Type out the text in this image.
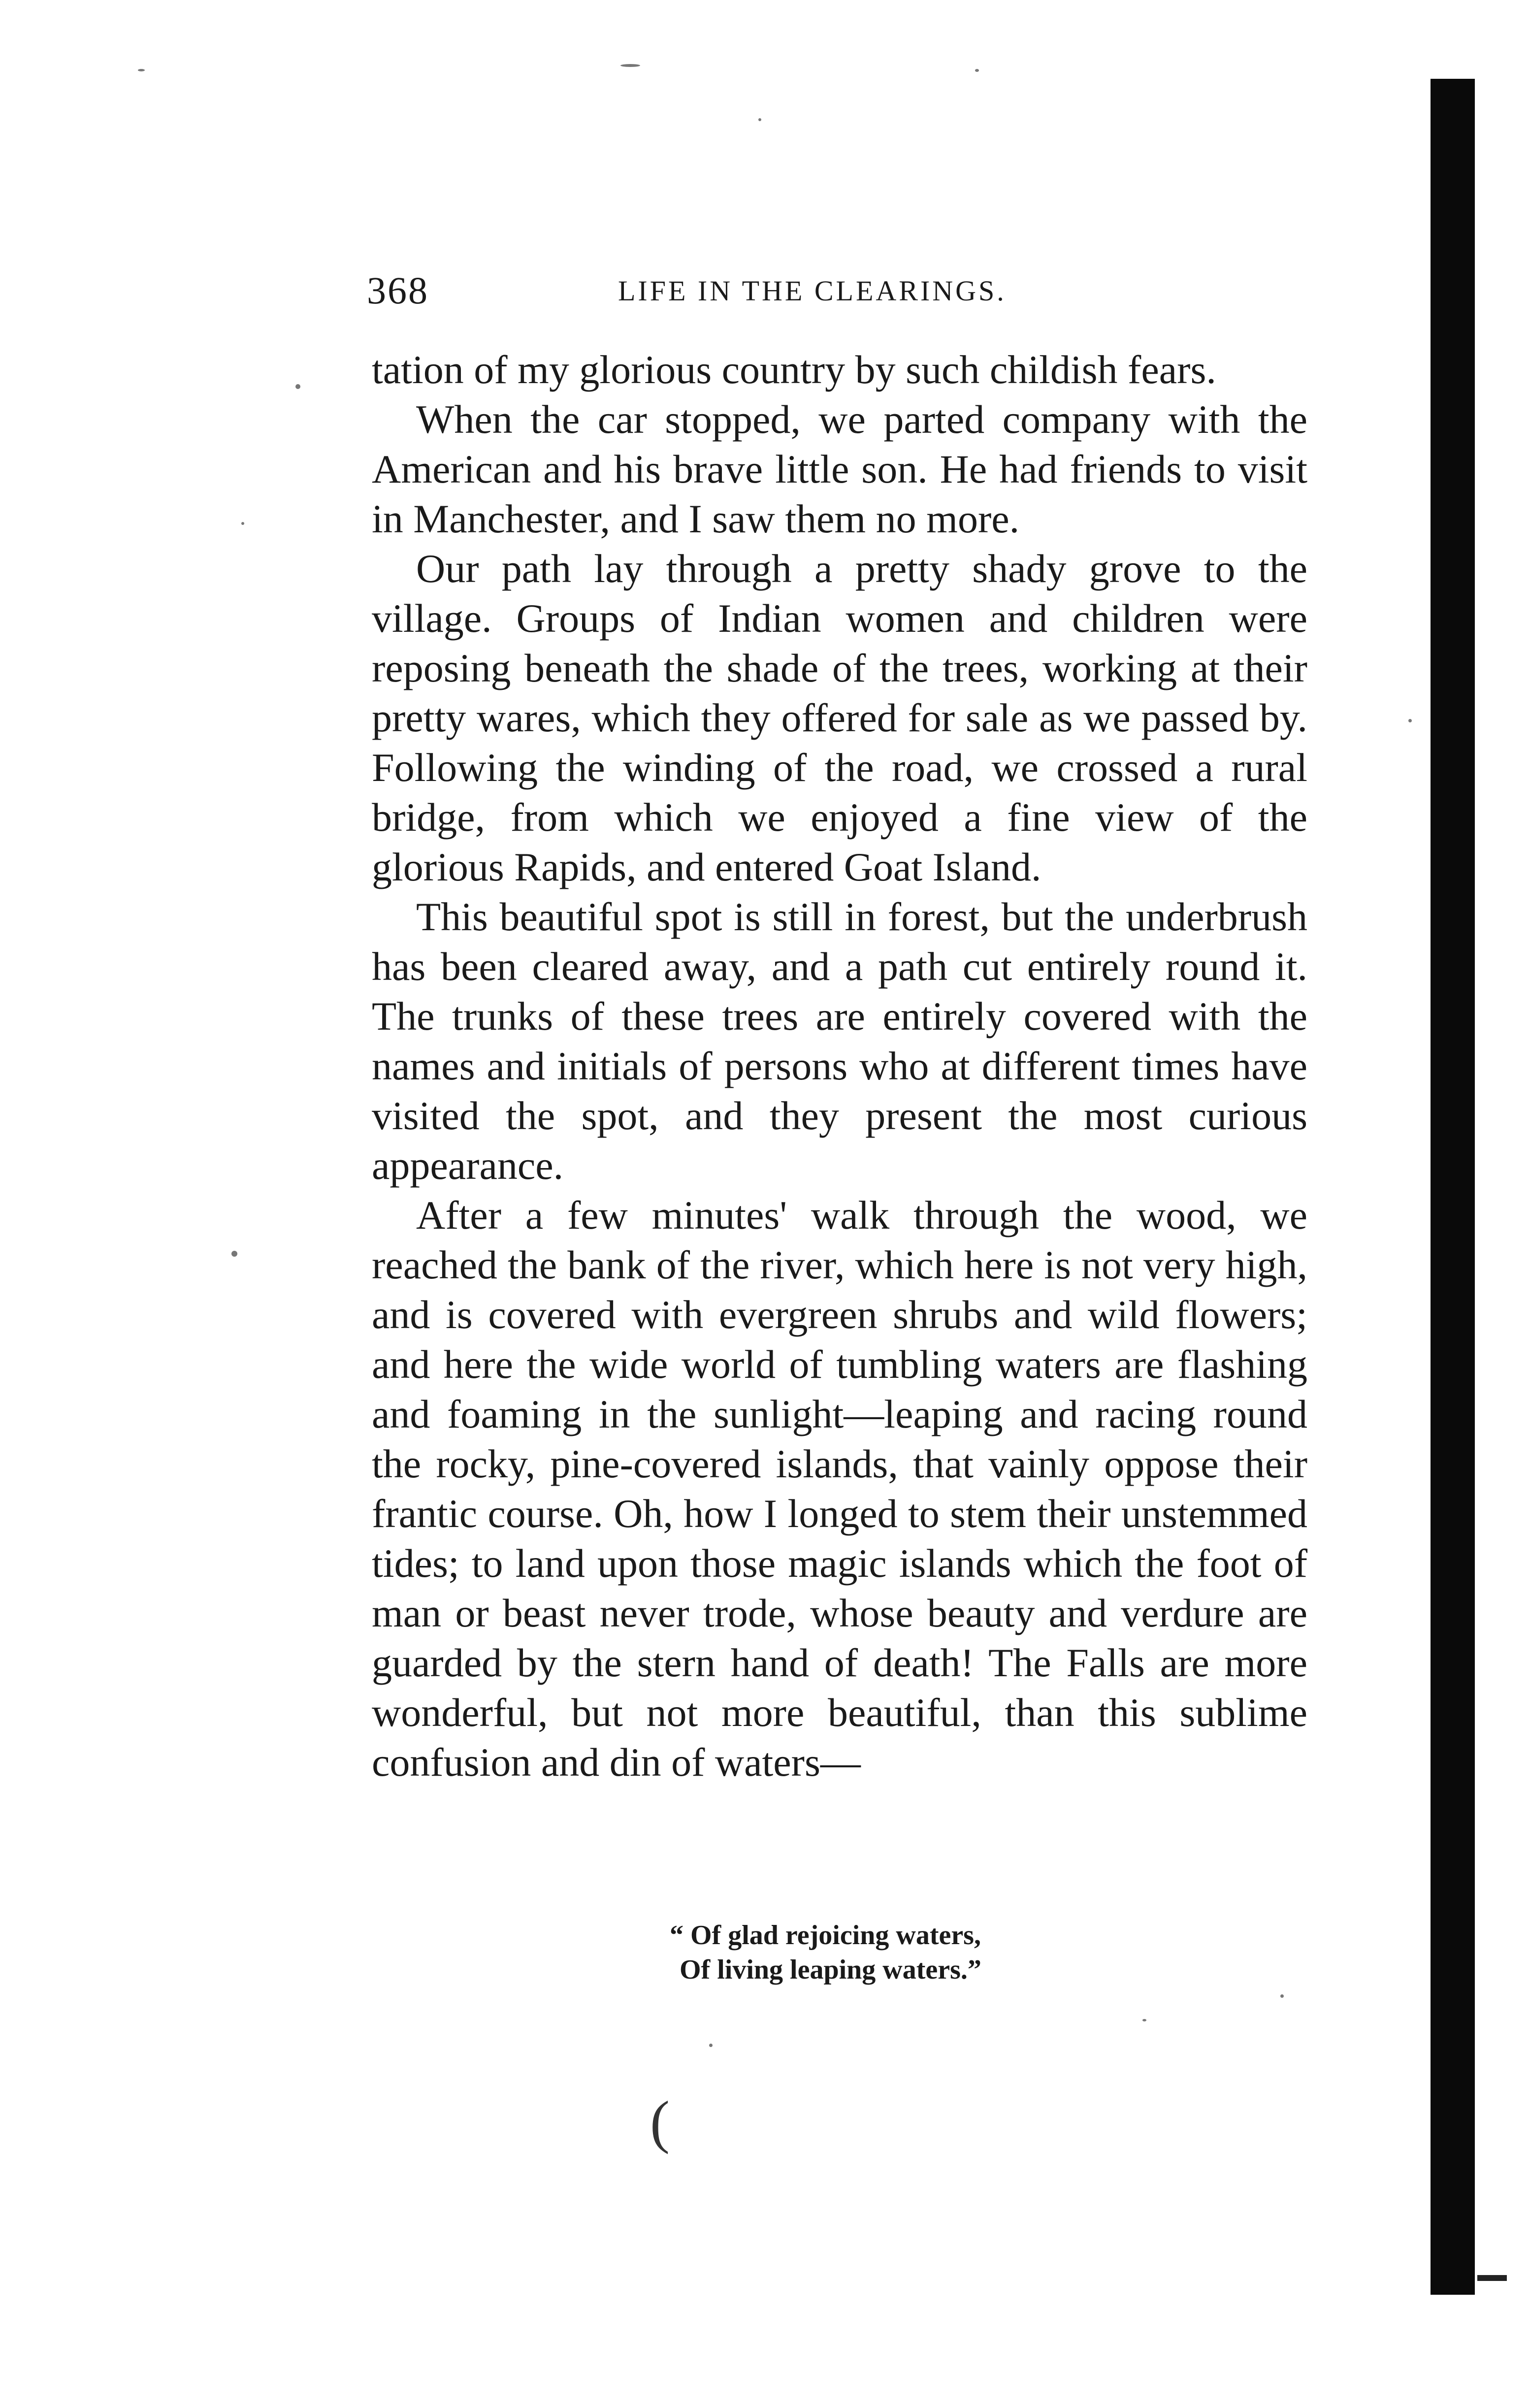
368	LIFE IN THE CLEARINGS.

tation of my glorious country by such childish fears.

When the car stopped, we parted company with the American and his brave little son. He had friends to visit in Manchester, and I saw them no more.

Our path lay through a pretty shady grove to the village. Groups of Indian women and children were reposing beneath the shade of the trees, working at their pretty wares, which they offered for sale as we passed by. Following the winding of the road, we crossed a rural bridge, from which we enjoyed a fine view of the glorious Rapids, and entered Goat Island.

This beautiful spot is still in forest, but the underbrush has been cleared away, and a path cut entirely round it. The trunks of these trees are entirely covered with the names and initials of persons who at different times have visited the spot, and they present the most curious appearance.

After a few minutes' walk through the wood, we reached the bank of the river, which here is not very high, and is covered with evergreen shrubs and wild flowers; and here the wide world of tumbling waters are flashing and foaming in the sunlight—leaping and racing round the rocky, pine-covered islands, that vainly oppose their frantic course. Oh, how I longed to stem their unstemmed tides; to land upon those magic islands which the foot of man or beast never trode, whose beauty and verdure are guarded by the stern hand of death! The Falls are more wonderful, but not more beautiful, than this sublime confusion and din of waters—

“ Of glad rejoicing waters,
Of living leaping waters.”
(
